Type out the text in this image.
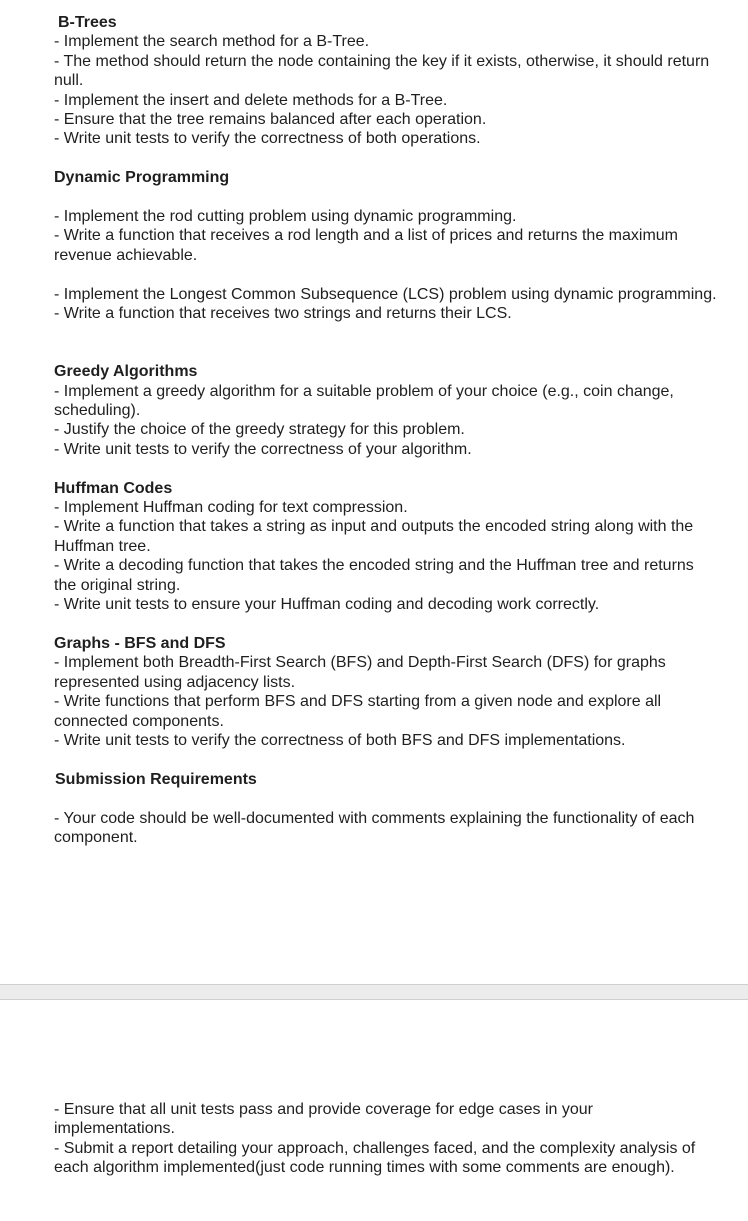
B-Trees

- Implement the search method for a B-Tree.

- The method should return the node containing the key if it exists, otherwise, it should return null.

- Implement the insert and delete methods for a B-Tree.

- Ensure that the tree remains balanced after each operation.

- Write unit tests to verify the correctness of both operations.

Dynamic Programming

- Implement the rod cutting problem using dynamic programming.

- Write a function that receives a rod length and a list of prices and returns the maximum revenue achievable.

- Implement the Longest Common Subsequence (LCS) problem using dynamic programming.

- Write a function that receives two strings and returns their LCS.

Greedy Algorithms

- Implement a greedy algorithm for a suitable problem of your choice (e.g., coin change, scheduling).

- Justify the choice of the greedy strategy for this problem.

- Write unit tests to verify the correctness of your algorithm.

Huffman Codes

- Implement Huffman coding for text compression.

- Write a function that takes a string as input and outputs the encoded string along with the Huffman tree.

- Write a decoding function that takes the encoded string and the Huffman tree and returns the original string.

- Write unit tests to ensure your Huffman coding and decoding work correctly.

Graphs - BFS and DFS

- Implement both Breadth-First Search (BFS) and Depth-First Search (DFS) for graphs represented using adjacency lists.

- Write functions that perform BFS and DFS starting from a given node and explore all connected components.

- Write unit tests to verify the correctness of both BFS and DFS implementations.

Submission Requirements

- Your code should be well-documented with comments explaining the functionality of each component.

- Ensure that all unit tests pass and provide coverage for edge cases in your implementations.

- Submit a report detailing your approach, challenges faced, and the complexity analysis of each algorithm implemented(just code running times with some comments are enough).
